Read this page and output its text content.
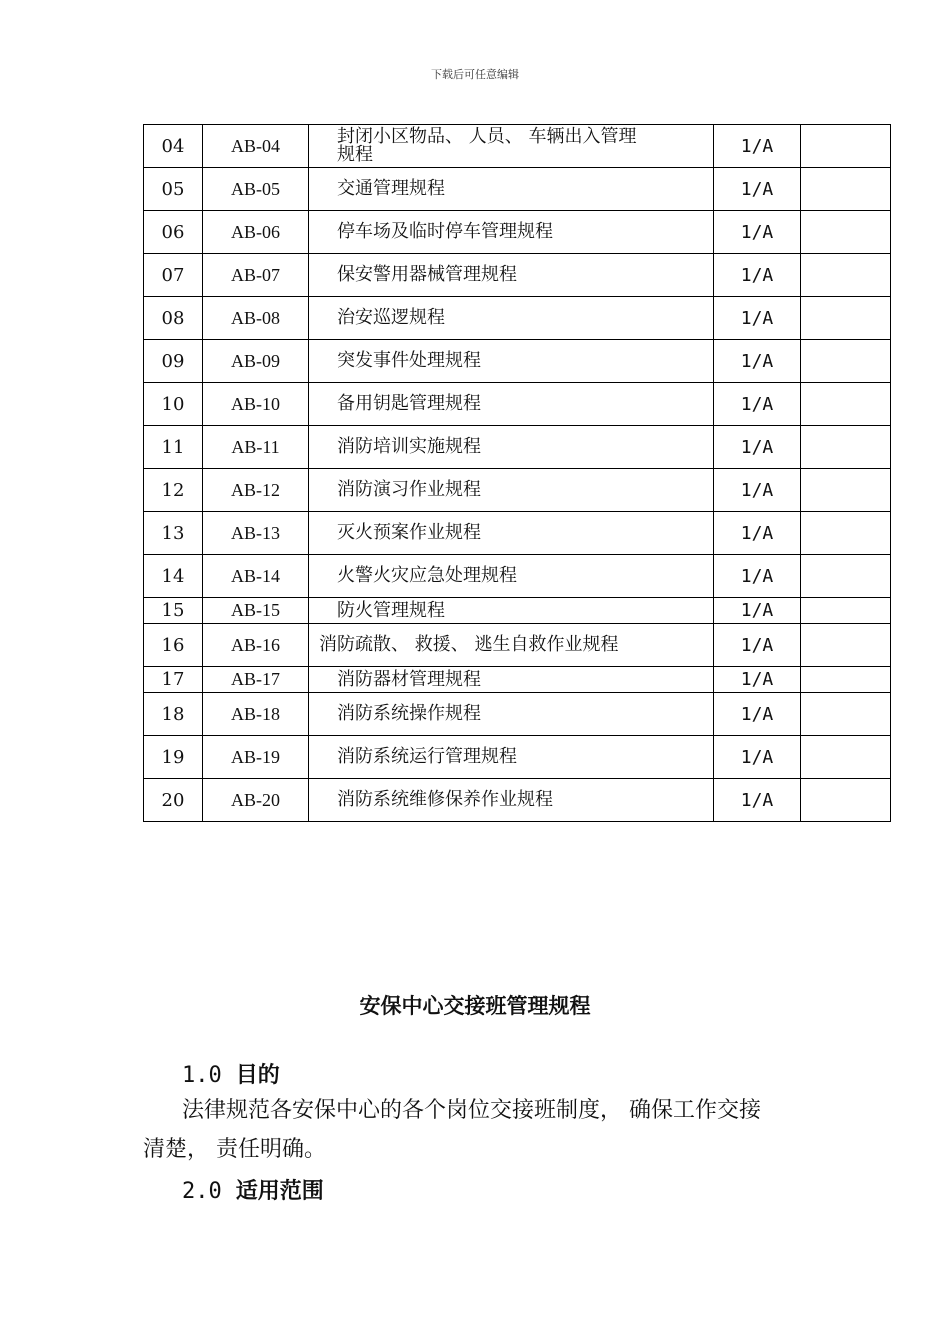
下载后可任意编辑
04	AB-04	封闭小区物品、 人员、 车辆出入管理规程	1/A	
05	AB-05	交通管理规程	1/A	
06	AB-06	停车场及临时停车管理规程	1/A	
07	AB-07	保安警用器械管理规程	1/A	
08	AB-08	治安巡逻规程	1/A	
09	AB-09	突发事件处理规程	1/A	
10	AB-10	备用钥匙管理规程	1/A	
11	AB-11	消防培训实施规程	1/A	
12	AB-12	消防演习作业规程	1/A	
13	AB-13	灭火预案作业规程	1/A	
14	AB-14	火警火灾应急处理规程	1/A	
15	AB-15	防火管理规程	1/A	
16	AB-16	消防疏散、 救援、 逃生自救作业规程	1/A	
17	AB-17	消防器材管理规程	1/A	
18	AB-18	消防系统操作规程	1/A	
19	AB-19	消防系统运行管理规程	1/A	
20	AB-20	消防系统维修保养作业规程	1/A	
安保中心交接班管理规程
1.0 目的
法律规范各安保中心的各个岗位交接班制度， 确保工作交接
清楚， 责任明确。
2.0 适用范围
